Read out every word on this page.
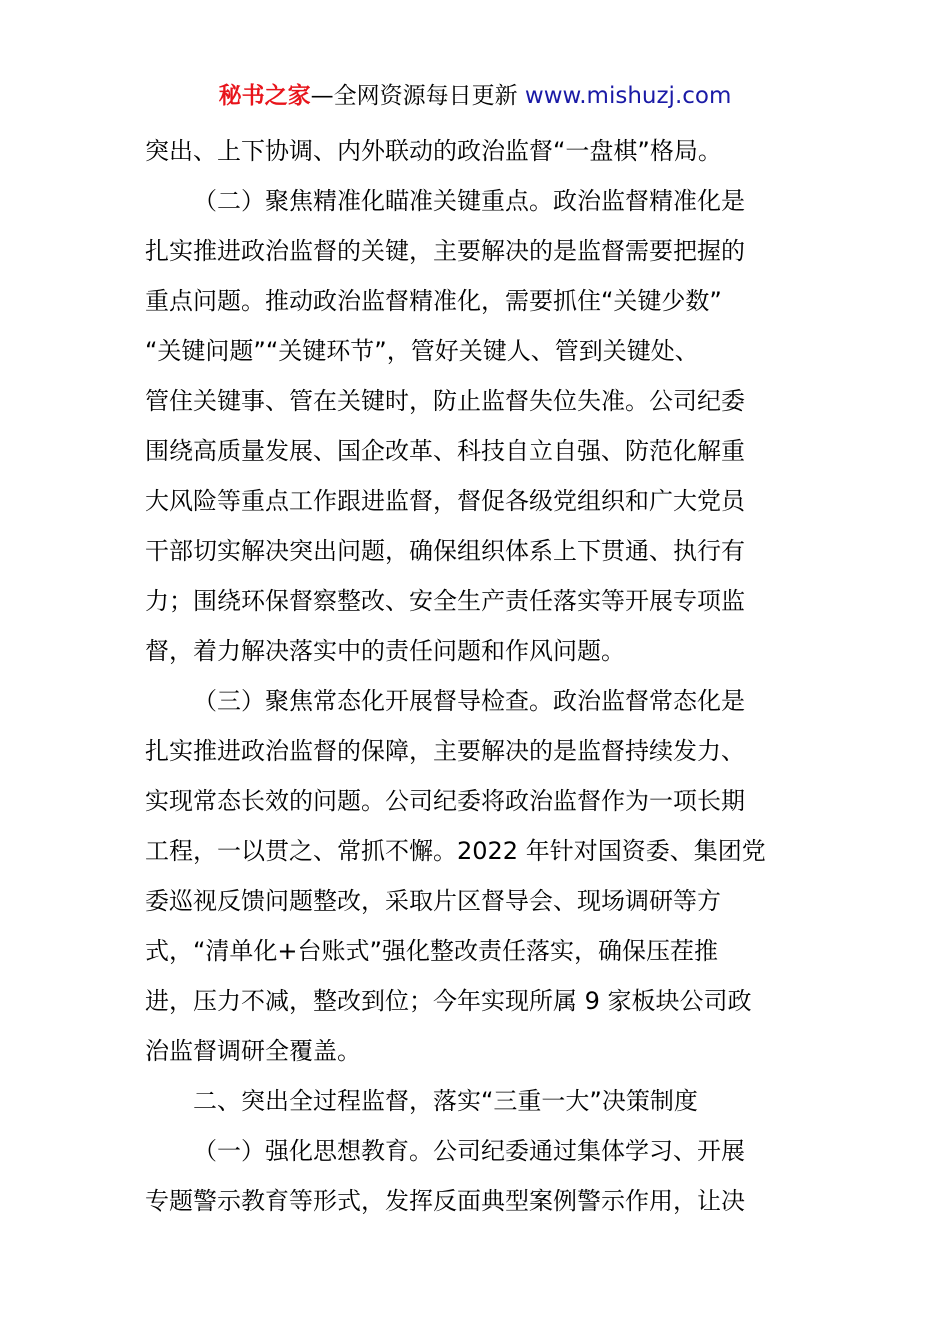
秘书之家—全网资源每日更新 www.mishuzj.com
突出、上下协调、内外联动的政治监督“一盘棋”格局。
（二）聚焦精准化瞄准关键重点。政治监督精准化是
扎实推进政治监督的关键，主要解决的是监督需要把握的
重点问题。推动政治监督精准化，需要抓住“关键少数”
“关键问题”“关键环节”，管好关键人、管到关键处、
管住关键事、管在关键时，防止监督失位失准。公司纪委
围绕高质量发展、国企改革、科技自立自强、防范化解重
大风险等重点工作跟进监督，督促各级党组织和广大党员
干部切实解决突出问题，确保组织体系上下贯通、执行有
力；围绕环保督察整改、安全生产责任落实等开展专项监
督，着力解决落实中的责任问题和作风问题。
（三）聚焦常态化开展督导检查。政治监督常态化是
扎实推进政治监督的保障，主要解决的是监督持续发力、
实现常态长效的问题。公司纪委将政治监督作为一项长期
工程，一以贯之、常抓不懈。2022 年针对国资委、集团党
委巡视反馈问题整改，采取片区督导会、现场调研等方
式，“清单化+台账式”强化整改责任落实，确保压茬推
进，压力不减，整改到位；今年实现所属 9 家板块公司政
治监督调研全覆盖。
二、突出全过程监督，落实“三重一大”决策制度
（一）强化思想教育。公司纪委通过集体学习、开展
专题警示教育等形式，发挥反面典型案例警示作用，让决
